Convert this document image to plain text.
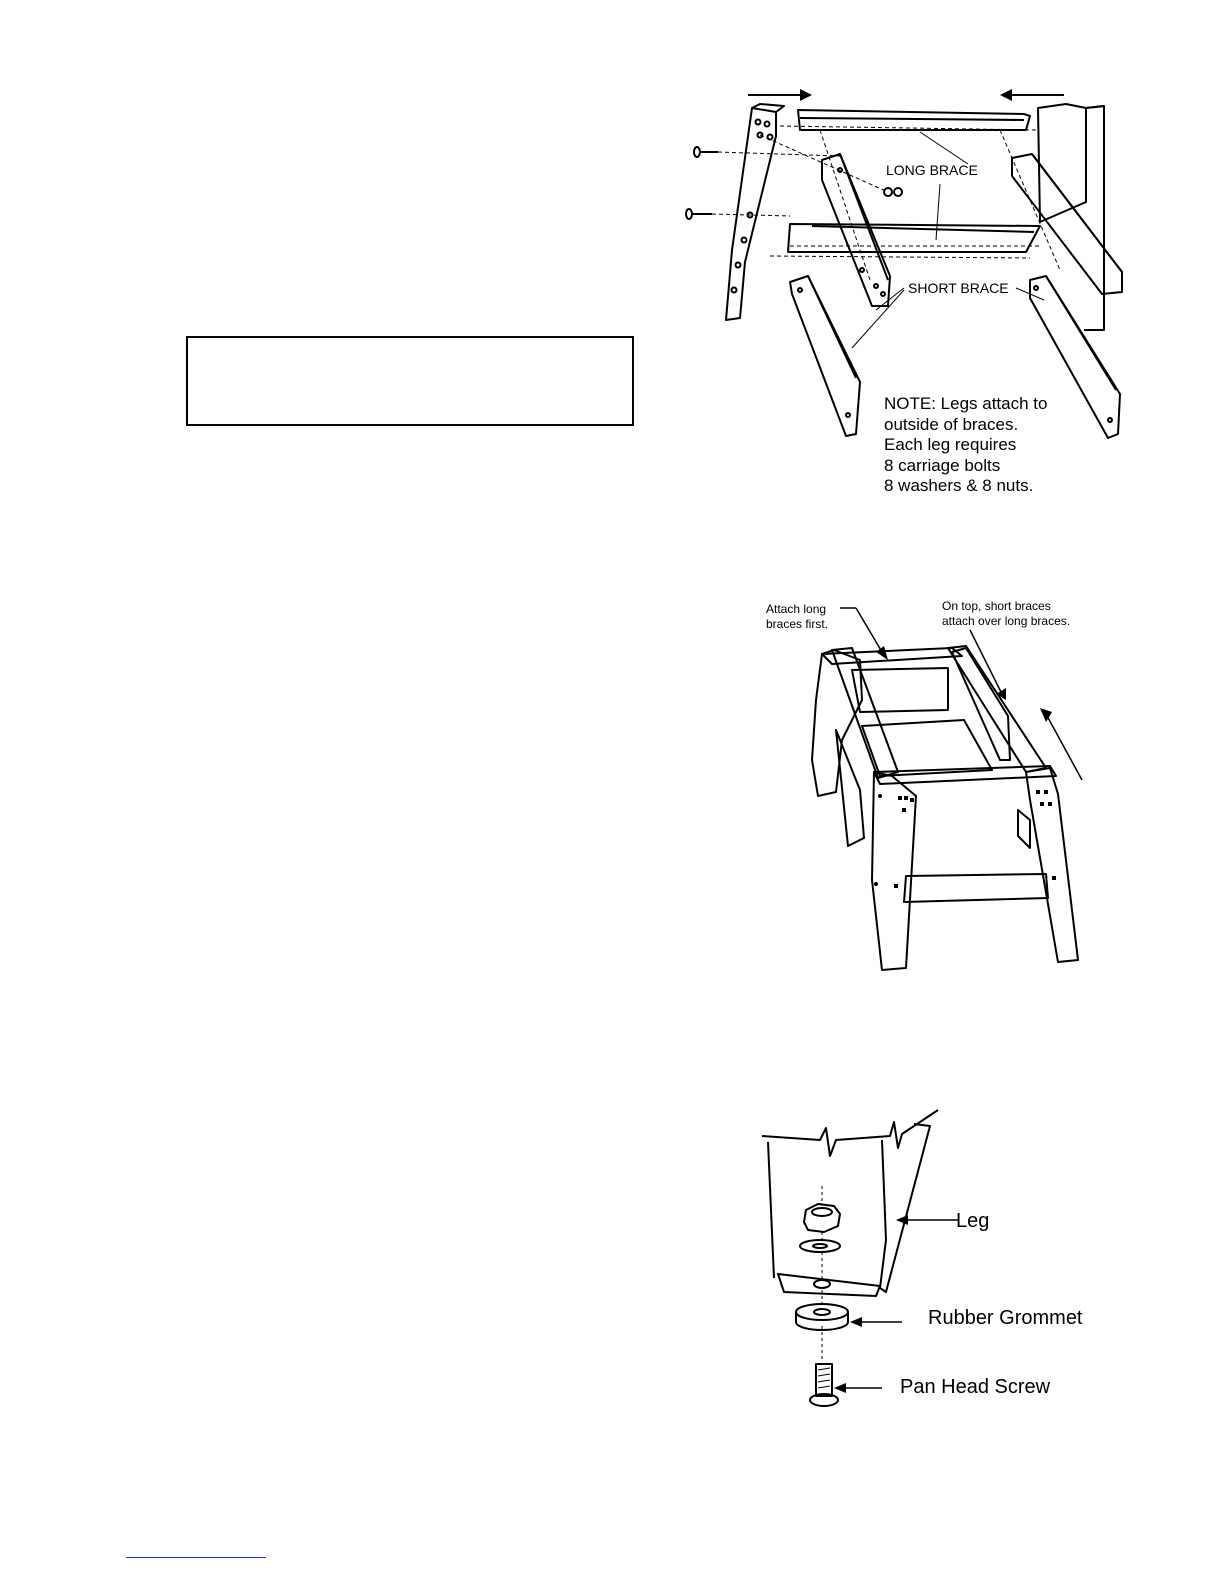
LONG BRACE
SHORT BRACE
NOTE: Legs attach to
outside of braces.
Each leg requires
8 carriage bolts
8 washers & 8 nuts.
Attach long
braces first.
On top, short braces
attach over long braces.
Leg
Rubber Grommet
Pan Head Screw
